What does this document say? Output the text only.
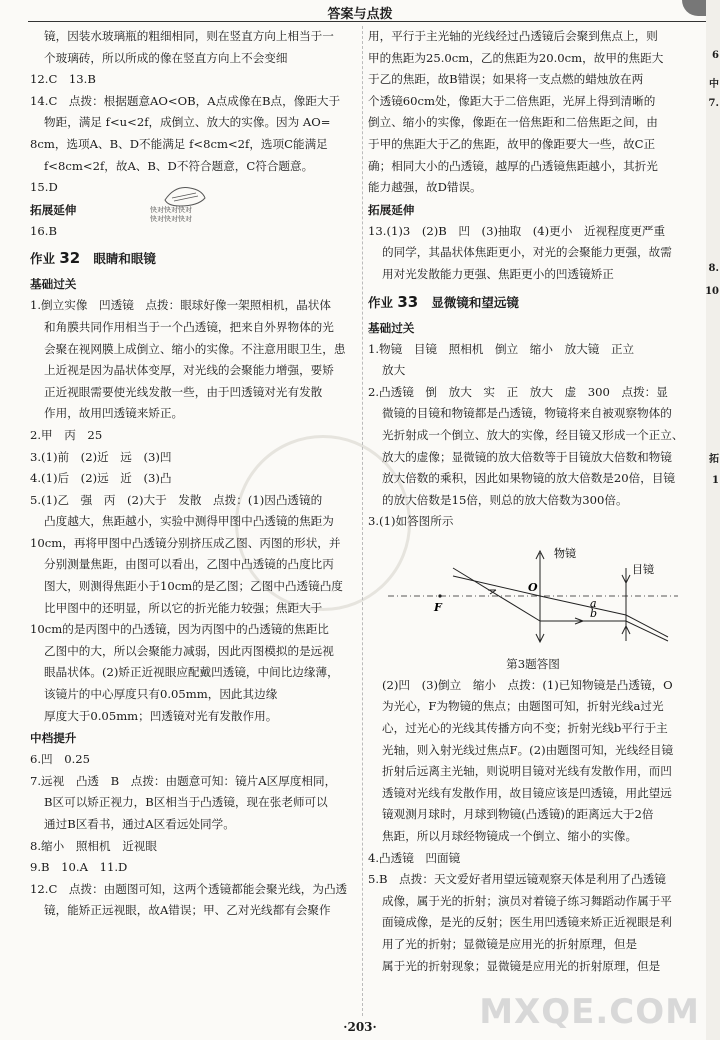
答案与点拨
镜，因装水玻璃瓶的粗细相同，则在竖直方向上相当于一
个玻璃砖，所以所成的像在竖直方向上不会变细
12.C　13.B
14.C　点拨：根据题意AO<OB，A点成像在B点，像距大于
物距，满足 f<u<2f，成倒立、放大的实像。因为 AO=
8cm，选项A、B、D不能满足 f<8cm<2f，选项C能满足
f<8cm<2f，故A、B、D不符合题意，C符合题意。
15.D
拓展延伸
16.B
作业 32 眼睛和眼镜
基础过关
1.倒立实像　凹透镜　点拨：眼球好像一架照相机，晶状体
和角膜共同作用相当于一个凸透镜，把来自外界物体的光
会聚在视网膜上成倒立、缩小的实像。不注意用眼卫生，患
上近视是因为晶状体变厚，对光线的会聚能力增强，要矫
正近视眼需要使光线发散一些，由于凹透镜对光有发散
作用，故用凹透镜来矫正。
2.甲　丙　25
3.(1)前　(2)近　远　(3)凹
4.(1)后　(2)远　近　(3)凸
5.(1)乙　强　丙　(2)大于　发散　点拨：(1)因凸透镜的
凸度越大，焦距越小，实验中测得甲图中凸透镜的焦距为
10cm，再将甲图中凸透镜分别挤压成乙图、丙图的形状，并
分别测量焦距，由图可以看出，乙图中凸透镜的凸度比丙
图大，则测得焦距小于10cm的是乙图；乙图中凸透镜凸度
比甲图中的还明显，所以它的折光能力较强；焦距大于
10cm的是丙图中的凸透镜，因为丙图中的凸透镜的焦距比
乙图中的大，所以会聚能力减弱，因此丙图模拟的是远视
眼晶状体。(2)矫正近视眼应配戴凹透镜，中间比边缘薄，
该镜片的中心厚度只有0.05mm，因此其边缘
厚度大于0.05mm；凹透镜对光有发散作用。
中档提升
6.凹　0.25
7.远视　凸透　B　点拨：由题意可知：镜片A区厚度相同，
B区可以矫正视力，B区相当于凸透镜，现在张老师可以
通过B区看书，通过A区看远处同学。
8.缩小　照相机　近视眼
9.B　10.A　11.D
12.C　点拨：由题图可知，这两个透镜都能会聚光线，为凸透
镜，能矫正远视眼，故A错误；甲、乙对光线都有会聚作
快对快对快对
快对快对快对
用，平行于主光轴的光线经过凸透镜后会聚到焦点上，则
甲的焦距为25.0cm，乙的焦距为20.0cm，故甲的焦距大
于乙的焦距，故B错误；如果将一支点燃的蜡烛放在两
个透镜60cm处，像距大于二倍焦距，光屏上得到清晰的
倒立、缩小的实像，像距在一倍焦距和二倍焦距之间，由
于甲的焦距大于乙的焦距，故甲的像距要大一些，故C正
确；相同大小的凸透镜，越厚的凸透镜焦距越小，其折光
能力越强，故D错误。
拓展延伸
13.(1)3　(2)B　凹　(3)抽取　(4)更小　近视程度更严重
的同学，其晶状体焦距更小，对光的会聚能力更强，故需
用对光发散能力更强、焦距更小的凹透镜矫正
作业 33 显微镜和望远镜
基础过关
1.物镜　目镜　照相机　倒立　缩小　放大镜　正立
放大
2.凸透镜　倒　放大　实　正　放大　虚　300　点拨：显
微镜的目镜和物镜都是凸透镜，物镜将来自被观察物体的
光折射成一个倒立、放大的实像，经目镜又形成一个正立、
放大的虚像；显微镜的放大倍数等于目镜放大倍数和物镜
放大倍数的乘积，因此如果物镜的放大倍数是20倍，目镜
的放大倍数是15倍，则总的放大倍数为300倍。
3.(1)如答图所示
物镜
目镜
O
F	a
b
第3题答图
(2)凹　(3)倒立　缩小　点拨：(1)已知物镜是凸透镜，O
为光心，F为物镜的焦点；由题图可知，折射光线a过光
心，过光心的光线其传播方向不变；折射光线b平行于主
光轴，则入射光线过焦点F。(2)由题图可知，光线经目镜
折射后远离主光轴，则说明目镜对光线有发散作用，而凹
透镜对光线有发散作用，故目镜应该是凹透镜，用此望远
镜观测月球时，月球到物镜(凸透镜)的距离远大于2倍
焦距，所以月球经物镜成一个倒立、缩小的实像。
4.凸透镜　凹面镜
5.B　点拨：天文爱好者用望远镜观察天体是利用了凸透镜
成像，属于光的折射；演员对着镜子练习舞蹈动作属于平
面镜成像，是光的反射；医生用凹透镜来矫正近视眼是利
用了光的折射；显微镜是应用光的折射原理，但是
属于光的折射现象；显微镜是应用光的折射原理，但是
6
中
7.
8.
10
拓
1
·203·	MXQE.COM
